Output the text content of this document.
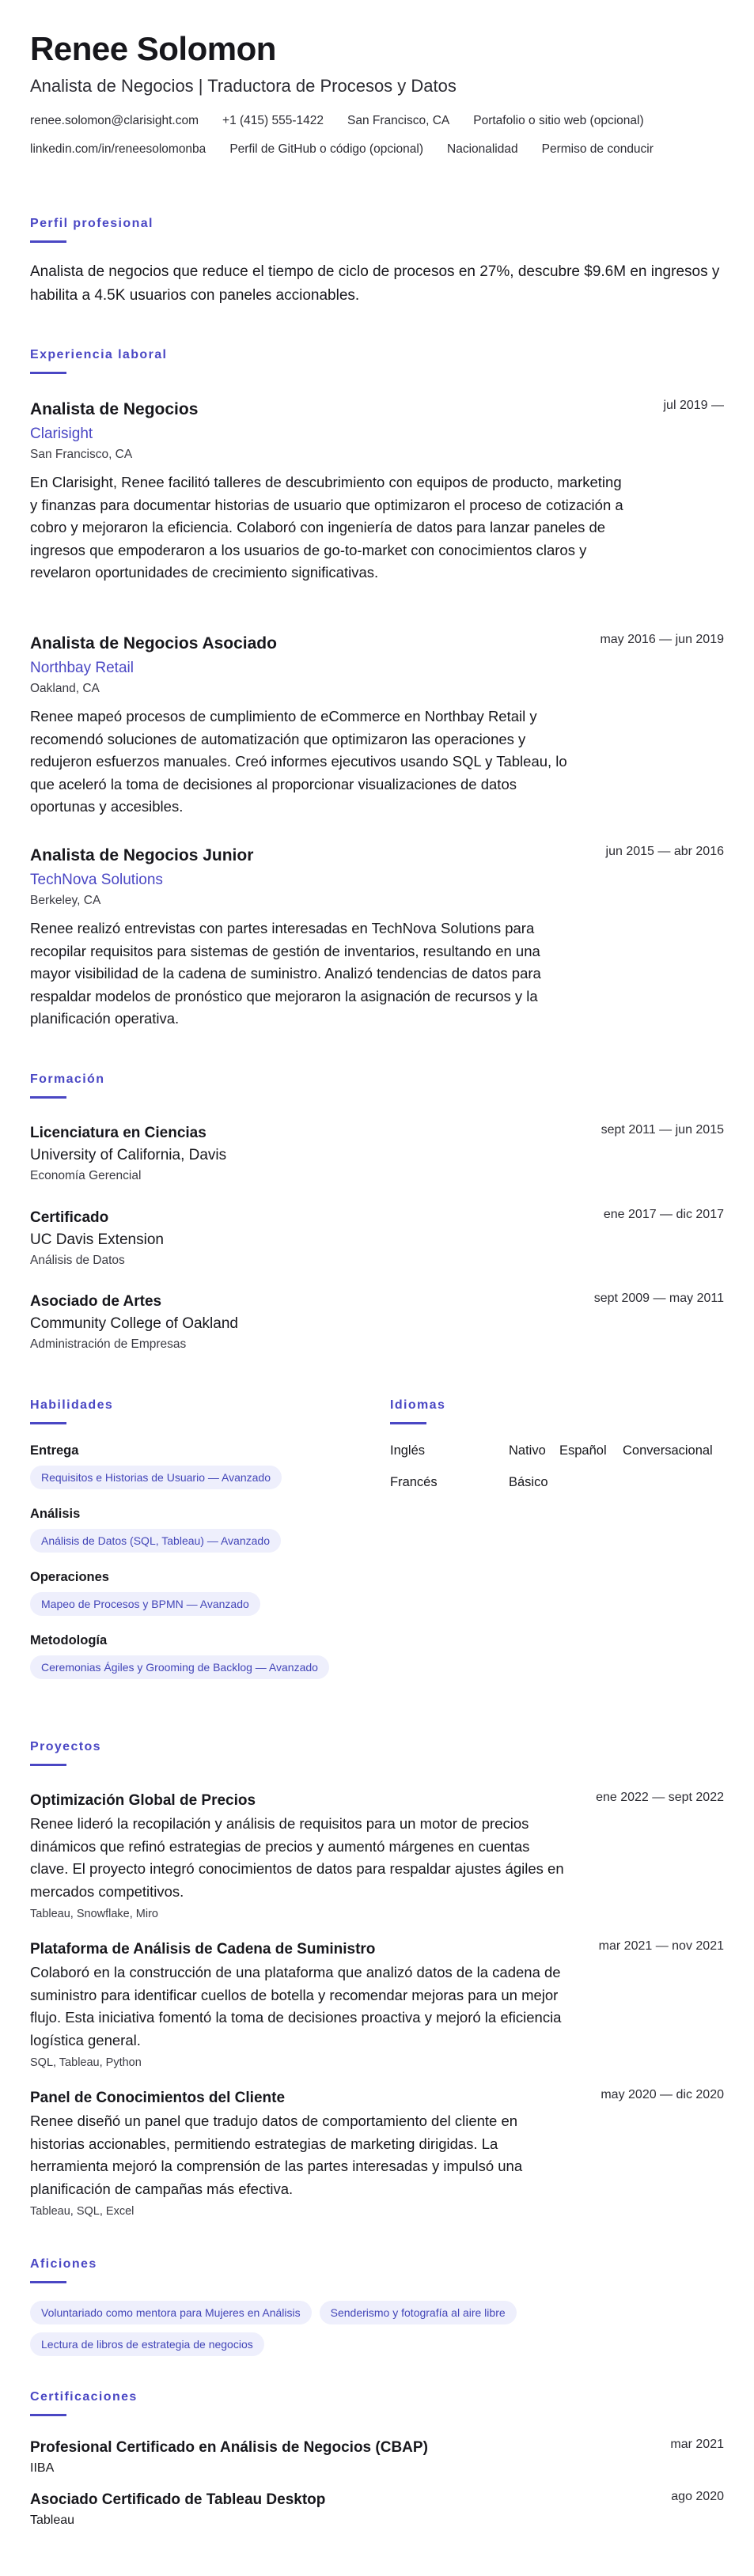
Renee Solomon
Analista de Negocios | Traductora de Procesos y Datos
renee.solomon@clarisight.com +1 (415) 555-1422 San Francisco, CA Portafolio o sitio web (opcional)
linkedin.com/in/reneesolomonba Perfil de GitHub o código (opcional) Nacionalidad Permiso de conducir
Perfil profesional
Analista de negocios que reduce el tiempo de ciclo de procesos en 27%, descubre $9.6M en ingresos y habilita a 4.5K usuarios con paneles accionables.
Experiencia laboral
Analista de Negocios	jul 2019 —
Clarisight
San Francisco, CA
En Clarisight, Renee facilitó talleres de descubrimiento con equipos de producto, marketing y finanzas para documentar historias de usuario que optimizaron el proceso de cotización a cobro y mejoraron la eficiencia. Colaboró con ingeniería de datos para lanzar paneles de ingresos que empoderaron a los usuarios de go-to-market con conocimientos claros y revelaron oportunidades de crecimiento significativas.
Analista de Negocios Asociado	may 2016 — jun 2019
Northbay Retail
Oakland, CA
Renee mapeó procesos de cumplimiento de eCommerce en Northbay Retail y recomendó soluciones de automatización que optimizaron las operaciones y redujeron esfuerzos manuales. Creó informes ejecutivos usando SQL y Tableau, lo que aceleró la toma de decisiones al proporcionar visualizaciones de datos oportunas y accesibles.
Analista de Negocios Junior	jun 2015 — abr 2016
TechNova Solutions
Berkeley, CA
Renee realizó entrevistas con partes interesadas en TechNova Solutions para recopilar requisitos para sistemas de gestión de inventarios, resultando en una mayor visibilidad de la cadena de suministro. Analizó tendencias de datos para respaldar modelos de pronóstico que mejoraron la asignación de recursos y la planificación operativa.
Formación
Licenciatura en Ciencias	sept 2011 — jun 2015
University of California, Davis
Economía Gerencial
Certificado	ene 2017 — dic 2017
UC Davis Extension
Análisis de Datos
Asociado de Artes	sept 2009 — may 2011
Community College of Oakland
Administración de Empresas
Habilidades
Entrega
Requisitos e Historias de Usuario — Avanzado
Análisis
Análisis de Datos (SQL, Tableau) — Avanzado
Operaciones
Mapeo de Procesos y BPMN — Avanzado
Metodología
Ceremonias Ágiles y Grooming de Backlog — Avanzado
Idiomas
Inglés	Nativo	Español	Conversacional
Francés	Básico
Proyectos
Optimización Global de Precios	ene 2022 — sept 2022
Renee lideró la recopilación y análisis de requisitos para un motor de precios dinámicos que refinó estrategias de precios y aumentó márgenes en cuentas clave. El proyecto integró conocimientos de datos para respaldar ajustes ágiles en mercados competitivos.
Tableau, Snowflake, Miro
Plataforma de Análisis de Cadena de Suministro	mar 2021 — nov 2021
Colaboró en la construcción de una plataforma que analizó datos de la cadena de suministro para identificar cuellos de botella y recomendar mejoras para un mejor flujo. Esta iniciativa fomentó la toma de decisiones proactiva y mejoró la eficiencia logística general.
SQL, Tableau, Python
Panel de Conocimientos del Cliente	may 2020 — dic 2020
Renee diseñó un panel que tradujo datos de comportamiento del cliente en historias accionables, permitiendo estrategias de marketing dirigidas. La herramienta mejoró la comprensión de las partes interesadas y impulsó una planificación de campañas más efectiva.
Tableau, SQL, Excel
Aficiones
Voluntariado como mentora para Mujeres en Análisis	Senderismo y fotografía al aire libre
Lectura de libros de estrategia de negocios
Certificaciones
Profesional Certificado en Análisis de Negocios (CBAP)	mar 2021
IIBA
Asociado Certificado de Tableau Desktop	ago 2020
Tableau
